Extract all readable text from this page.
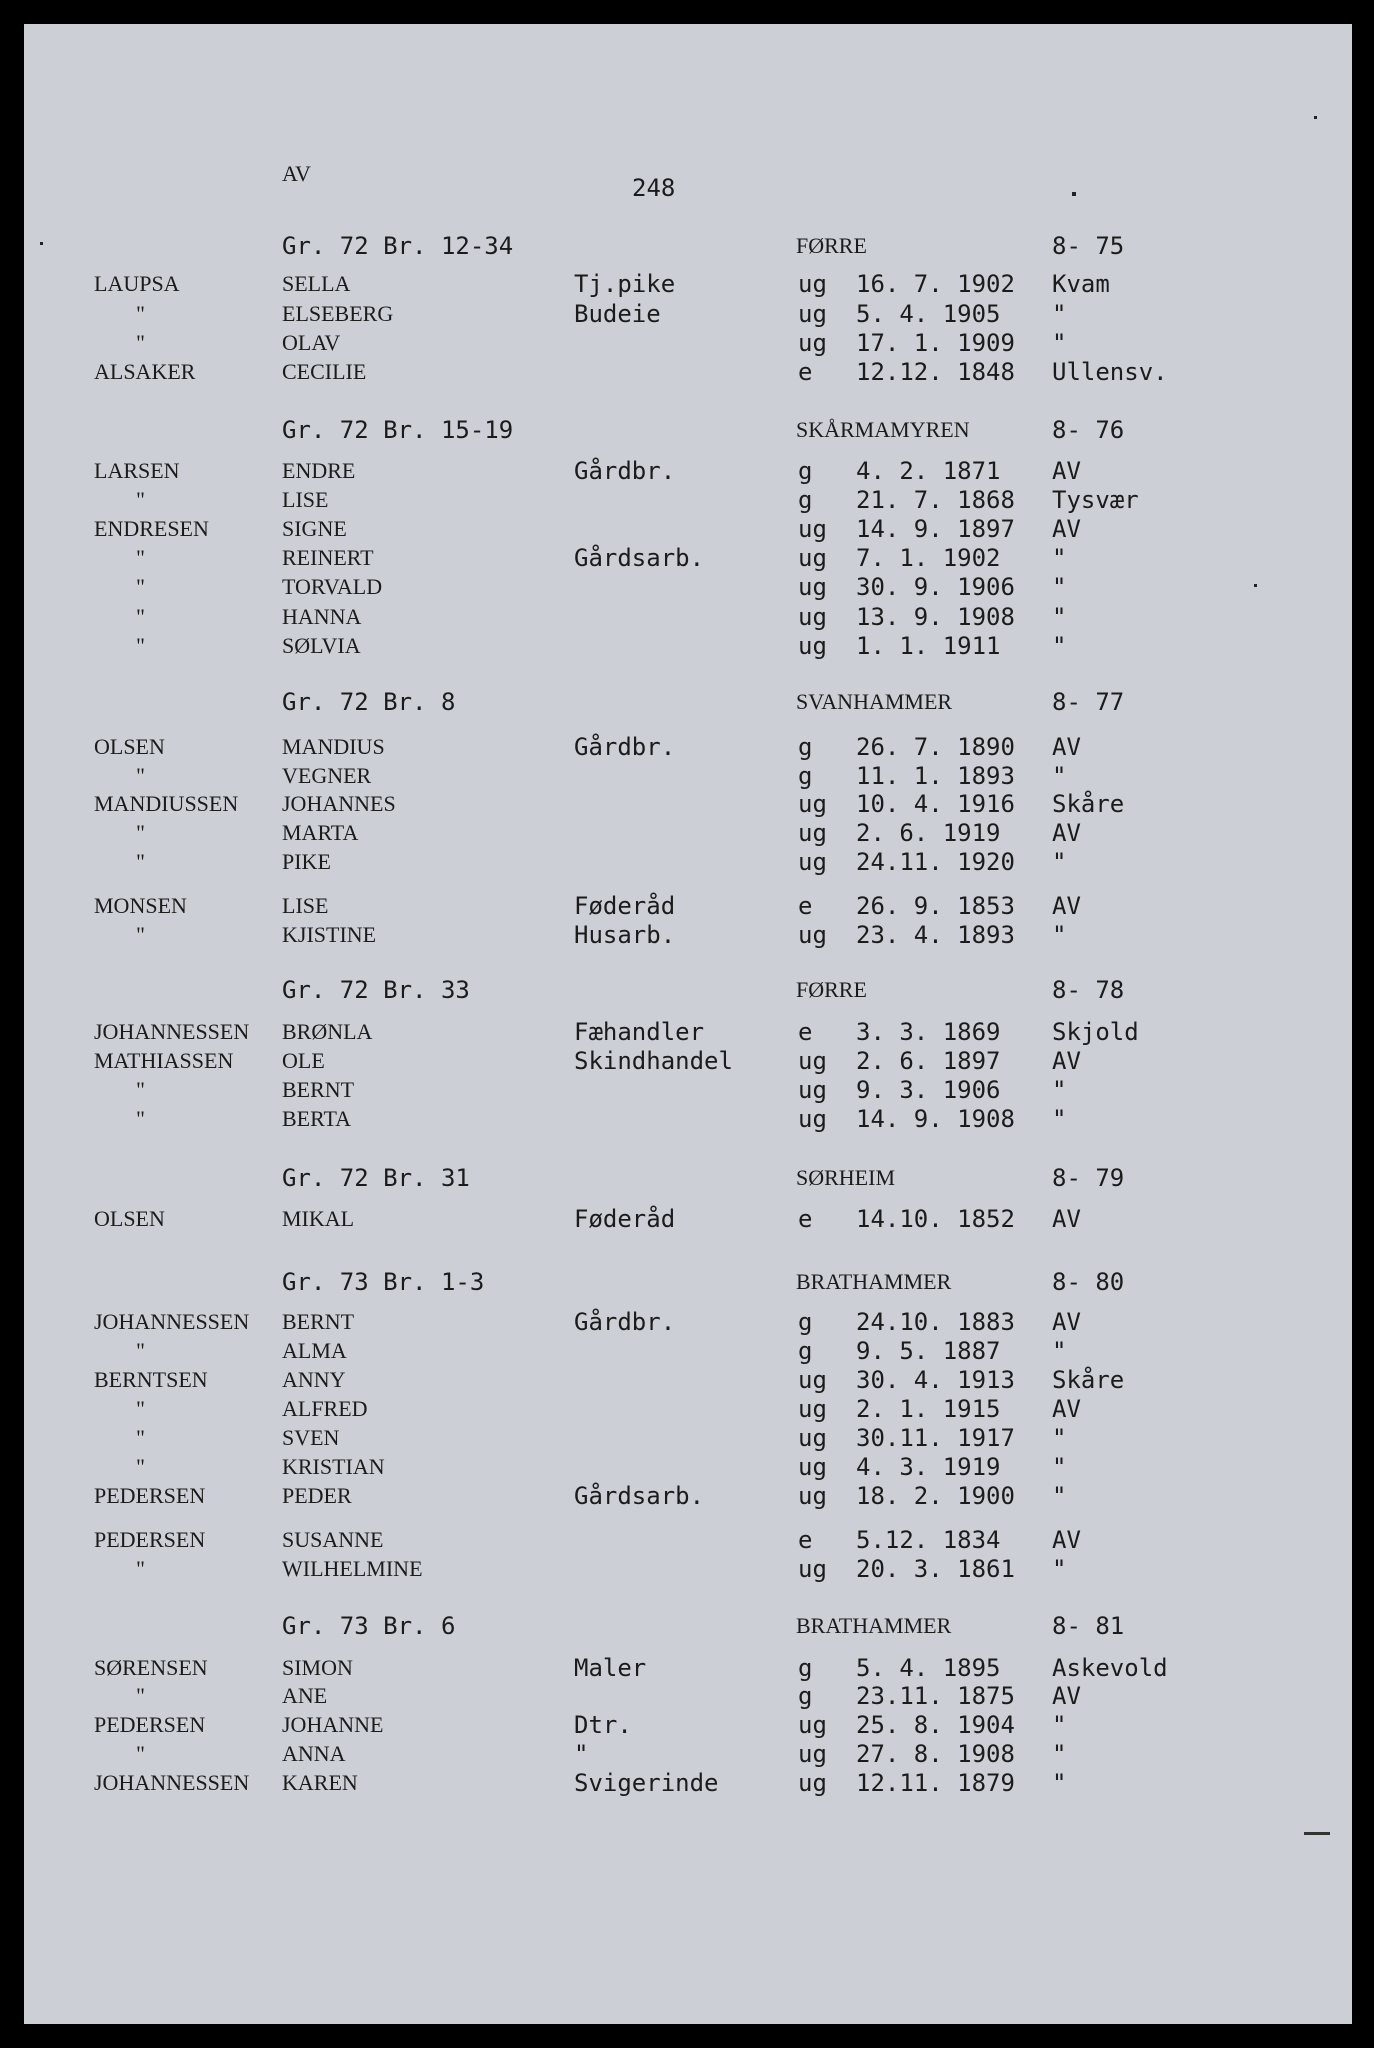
AV
248
Gr. 72 Br. 12-34	FØRRE	8- 75
LAUPSA	SELLA	Tj.pike	ug 16. 7. 1902 Kvam
"	ELSEBERG	Budeie	ug 5. 4. 1905 "
"	OLAV	ug 17. 1. 1909 "
ALSAKER	CECILIE	e 12.12. 1848 Ullensv.
Gr. 72 Br. 15-19	SKÅRMAMYREN	8- 76
LARSEN	ENDRE	Gårdbr.	g 4. 2. 1871 AV
"	LISE	g 21. 7. 1868 Tysvær
ENDRESEN	SIGNE	ug 14. 9. 1897 AV
"	REINERT	Gårdsarb.	ug 7. 1. 1902 "
"	TORVALD	ug 30. 9. 1906 "
"	HANNA	ug 13. 9. 1908 "
"	SØLVIA	ug 1. 1. 1911 "
Gr. 72 Br. 8	SVANHAMMER	8- 77
OLSEN	MANDIUS	Gårdbr.	g 26. 7. 1890 AV
"	VEGNER	g 11. 1. 1893 "
MANDIUSSEN JOHANNES	ug 10. 4. 1916 Skåre
"	MARTA	ug 2. 6. 1919 AV
"	PIKE	ug 24.11. 1920 "
MONSEN	LISE	Føderåd	e 26. 9. 1853 AV
"	KJISTINE	Husarb.	ug 23. 4. 1893 "
Gr. 72 Br. 33	FØRRE	8- 78
JOHANNESSEN BRØNLA	Fæhandler	e 3. 3. 1869 Skjold
MATHIASSEN OLE	Skindhandel	ug 2. 6. 1897 AV
"	BERNT	ug 9. 3. 1906 "
"	BERTA	ug 14. 9. 1908 "
Gr. 72 Br. 31	SØRHEIM	8- 79
OLSEN	MIKAL	Føderåd	e 14.10. 1852 AV
Gr. 73 Br. 1-3	BRATHAMMER	8- 80
JOHANNESSEN BERNT	Gårdbr.	g 24.10. 1883 AV
"	ALMA	g 9. 5. 1887 "
BERNTSEN	ANNY	ug 30. 4. 1913 Skåre
"	ALFRED	ug 2. 1. 1915 AV
"	SVEN	ug 30.11. 1917 "
"	KRISTIAN	ug 4. 3. 1919 "
PEDERSEN	PEDER	Gårdsarb.	ug 18. 2. 1900 "
PEDERSEN	SUSANNE	e 5.12. 1834 AV
"	WILHELMINE	ug 20. 3. 1861 "
Gr. 73 Br. 6	BRATHAMMER	8- 81
SØRENSEN	SIMON	Maler	g 5. 4. 1895 Askevold
"	ANE	g 23.11. 1875 AV
PEDERSEN	JOHANNE	Dtr.	ug 25. 8. 1904 "
"	ANNA	"	ug 27. 8. 1908 "
JOHANNESSEN KAREN	Svigerinde	ug 12.11. 1879 "
